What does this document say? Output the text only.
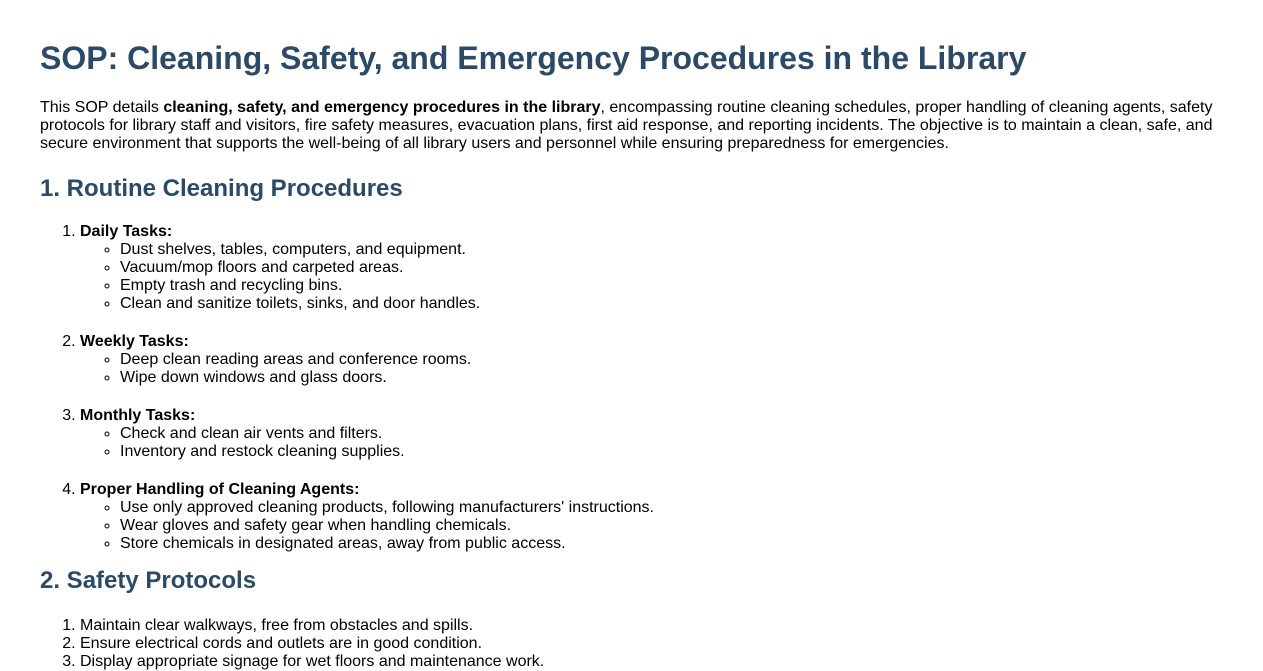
SOP: Cleaning, Safety, and Emergency Procedures in the Library

This SOP details cleaning, safety, and emergency procedures in the library, encompassing routine cleaning schedules, proper handling of cleaning agents, safety protocols for library staff and visitors, fire safety measures, evacuation plans, first aid response, and reporting incidents. The objective is to maintain a clean, safe, and secure environment that supports the well-being of all library users and personnel while ensuring preparedness for emergencies.

1. Routine Cleaning Procedures
1. Daily Tasks:
◦ Dust shelves, tables, computers, and equipment.
◦ Vacuum/mop floors and carpeted areas.
◦ Empty trash and recycling bins.
◦ Clean and sanitize toilets, sinks, and door handles.
2. Weekly Tasks:
◦ Deep clean reading areas and conference rooms.
◦ Wipe down windows and glass doors.
3. Monthly Tasks:
◦ Check and clean air vents and filters.
◦ Inventory and restock cleaning supplies.
4. Proper Handling of Cleaning Agents:
◦ Use only approved cleaning products, following manufacturers' instructions.
◦ Wear gloves and safety gear when handling chemicals.
◦ Store chemicals in designated areas, away from public access.
2. Safety Protocols
1. Maintain clear walkways, free from obstacles and spills.
2. Ensure electrical cords and outlets are in good condition.
3. Display appropriate signage for wet floors and maintenance work.
